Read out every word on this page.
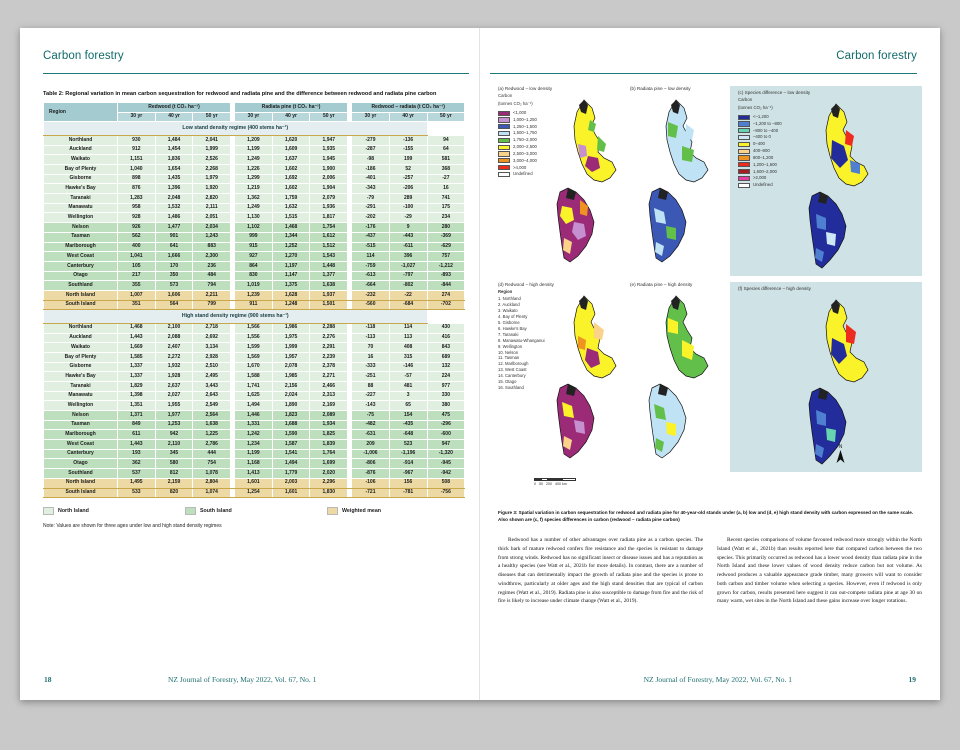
Carbon forestry
Table 2: Regional variation in mean carbon sequestration for redwood and radiata pine and the difference between redwood and radiata pine carbon
Region	Redwood (t CO₂ ha⁻¹)				Radiata pine (t CO₂ ha⁻¹)				Redwood – radiata (t CO₂ ha⁻¹)		
	30 yr	40 yr	50 yr		30 yr	40 yr	50 yr		30 yr	40 yr	50 yr
Low stand density regime (400 stems ha⁻¹)											
Northland	930	1,484	2,041		1,209	1,620	1,947		-279	-136	94
Auckland	912	1,454	1,999		1,199	1,609	1,935		-287	-155	64
Waikato	1,151	1,836	2,526		1,249	1,637	1,945		-98	199	581
Bay of Plenty	1,040	1,654	2,268		1,226	1,602	1,900		-186	52	368
Gisborne	898	1,435	1,979		1,299	1,692	2,006		-401	-257	-27
Hawke's Bay	876	1,396	1,920		1,219	1,602	1,904		-343	-206	16
Taranaki	1,283	2,048	2,820		1,362	1,759	2,079		-79	289	741
Manawatu	958	1,532	2,111		1,249	1,632	1,936		-291	-100	175
Wellington	928	1,486	2,051		1,130	1,515	1,817		-202	-29	234
Nelson	926	1,477	2,034		1,102	1,468	1,754		-176	9	280
Tasman	562	901	1,243		999	1,344	1,612		-437	-443	-369
Marlborough	400	641	883		915	1,252	1,512		-515	-611	-629
West Coast	1,041	1,666	2,300		927	1,270	1,543		114	396	757
Canterbury	105	170	236		864	1,197	1,448		-759	-1,027	-1,212
Otago	217	350	484		830	1,147	1,377		-613	-797	-893
Southland	355	573	794		1,019	1,375	1,638		-664	-802	-844
North Island	1,007	1,606	2,211		1,239	1,628	1,937		-232	-22	274
South Island	351	564	799		911	1,248	1,501		-560	-684	-702
High stand density regime (900 stems ha⁻¹)											
Northland	1,468	2,100	2,718		1,566	1,986	2,288		-118	114	430
Auckland	1,443	2,088	2,692		1,556	1,975	2,276		-113	113	416
Waikato	1,669	2,407	3,134		1,599	1,999	2,291		70	408	843
Bay of Plenty	1,585	2,272	2,928		1,569	1,957	2,239		16	315	689
Gisborne	1,337	1,932	2,510		1,670	2,078	2,378		-333	-146	132
Hawke's Bay	1,337	1,928	2,495		1,588	1,985	2,271		-251	-57	224
Taranaki	1,829	2,637	3,443		1,741	2,156	2,466		88	481	977
Manawatu	1,398	2,027	2,643		1,625	2,024	2,313		-227	3	330
Wellington	1,351	1,955	2,549		1,494	1,890	2,169		-143	65	380
Nelson	1,371	1,977	2,564		1,446	1,823	2,089		-75	154	475
Tasman	849	1,253	1,638		1,331	1,688	1,934		-482	-435	-296
Marlborough	611	942	1,225		1,242	1,590	1,825		-631	-648	-600
West Coast	1,443	2,110	2,786		1,234	1,587	1,839		209	523	947
Canterbury	193	345	444		1,199	1,541	1,764		-1,006	-1,196	-1,320
Otago	362	580	754		1,168	1,494	1,699		-806	-914	-945
Southland	537	812	1,078		1,413	1,779	2,020		-876	-967	-942
North Island	1,495	2,159	2,804		1,601	2,003	2,296		-106	156	508
South Island	533	820	1,074		1,254	1,601	1,830		-721	-781	-756
North Island	South Island	Weighted mean
Note: Values are shown for three ages under low and high stand density regimes
NZ Journal of Forestry, May 2022, Vol. 67, No. 1
18
Carbon forestry
(a) Redwood – low density
Carbon
(tonnes CO₂ ha⁻¹)
<1,000
1,000–1,250
1,250–1,500
1,500–1,750
1,750–2,000
2,000–2,500
2,500–3,000
3,000–4,000
>4,000
Undefined
(b) Radiata pine – low density
(c) Species difference – low density
Carbon
(tonnes CO₂ ha⁻¹)
<–1,200
–1,200 to –800
–800 to –400
–400 to 0
0–400
400–800
800–1,200
1,200–1,600
1,600–2,000
>2,000
Undefined
(d) Redwood – high density
Region
1. Northland
2. Auckland
3. Waikato
4. Bay of Plenty
5. Gisborne
6. Hawke's Bay
7. Taranaki
8. Manawatu-Whanganui
9. Wellington
10. Nelson
11. Tasman
12. Marlborough
13. West Coast
14. Canterbury
15. Otago
16. Southland
(e) Radiata pine – high density
(f) Species difference – high density
0 50 200 400 km
N
Figure 3: Spatial variation in carbon sequestration for redwood and radiata pine for 40-year-old stands under (a, b) low and (d, e) high stand density with carbon expressed on the same scale. Also shown are (c, f) species differences in carbon (redwood – radiata pine carbon)

Redwood has a number of other advantages over radiata pine as a carbon species. The thick bark of mature redwood confers fire resistance and the species is resistant to damage from strong winds. Redwood has no significant insect or disease issues and has a reputation as a healthy species (see Watt et al., 2021b for more details). In contrast, there are a number of diseases that can detrimentally impact the growth of radiata pine and the species is prone to windthrow, particularly at older ages and the high stand densities that are typical of carbon regimes (Watt et al., 2019). Radiata pine is also susceptible to damage from fire and the risk of fire is likely to increase under climate change (Watt et al., 2019).

Recent species comparisons of volume favoured redwood more strongly within the North Island (Watt et al., 2021b) than results reported here that compared carbon between the two species. This primarily occurred as redwood has a lower wood density than radiata pine in the North Island and these lower values of wood density reduce carbon but not volume. As redwood produces a valuable appearance grade timber, many growers will want to consider both carbon and timber volume when selecting a species. However, even if redwood is only grown for carbon, results presented here suggest it can out-compete radiata pine at age 30 on many warm, wet sites in the North Island and these gains increase over longer rotations.

NZ Journal of Forestry, May 2022, Vol. 67, No. 1	19
